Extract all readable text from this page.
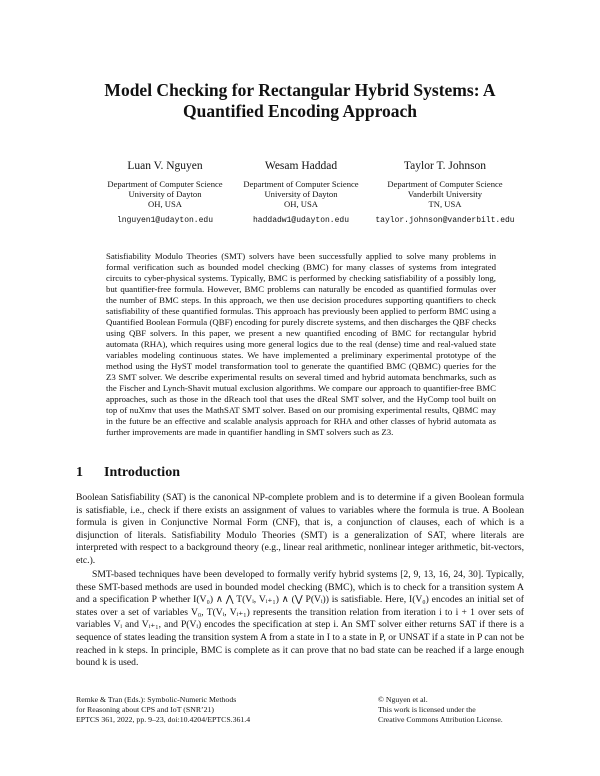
Model Checking for Rectangular Hybrid Systems: A
Quantified Encoding Approach
Luan V. Nguyen
Department of Computer Science
University of Dayton
OH, USA
lnguyen1@udayton.edu
Wesam Haddad
Department of Computer Science
University of Dayton
OH, USA
haddadw1@udayton.edu
Taylor T. Johnson
Department of Computer Science
Vanderbilt University
TN, USA
taylor.johnson@vanderbilt.edu
Satisfiability Modulo Theories (SMT) solvers have been successfully applied to solve many problems in formal verification such as bounded model checking (BMC) for many classes of systems from integrated circuits to cyber-physical systems. Typically, BMC is performed by checking satisfiability of a possibly long, but quantifier-free formula. However, BMC problems can naturally be encoded as quantified formulas over the number of BMC steps. In this approach, we then use decision procedures supporting quantifiers to check satisfiability of these quantified formulas. This approach has previously been applied to perform BMC using a Quantified Boolean Formula (QBF) encoding for purely discrete systems, and then discharges the QBF checks using QBF solvers. In this paper, we present a new quantified encoding of BMC for rectangular hybrid automata (RHA), which requires using more general logics due to the real (dense) time and real-valued state variables modeling continuous states. We have implemented a preliminary experimental prototype of the method using the HyST model transformation tool to generate the quantified BMC (QBMC) queries for the Z3 SMT solver. We describe experimental results on several timed and hybrid automata benchmarks, such as the Fischer and Lynch-Shavit mutual exclusion algorithms. We compare our approach to quantifier-free BMC approaches, such as those in the dReach tool that uses the dReal SMT solver, and the HyComp tool built on top of nuXmv that uses the MathSAT SMT solver. Based on our promising experimental results, QBMC may in the future be an effective and scalable analysis approach for RHA and other classes of hybrid automata as further improvements are made in quantifier handling in SMT solvers such as Z3.
1 Introduction

Boolean Satisfiability (SAT) is the canonical NP-complete problem and is to determine if a given Boolean formula is satisfiable, i.e., check if there exists an assignment of values to variables where the formula is true. A Boolean formula is given in Conjunctive Normal Form (CNF), that is, a conjunction of clauses, each of which is a disjunction of literals. Satisfiability Modulo Theories (SMT) is a generalization of SAT, where literals are interpreted with respect to a background theory (e.g., linear real arithmetic, nonlinear integer arithmetic, bit-vectors, etc.).

SMT-based techniques have been developed to formally verify hybrid systems [2, 9, 13, 16, 24, 30]. Typically, these SMT-based methods are used in bounded model checking (BMC), which is to check for a transition system A and a specification P whether I(V₀) ∧ ⋀ T(Vᵢ, Vᵢ₊₁) ∧ (⋁ P(Vᵢ)) is satisfiable. Here, I(V₀) encodes an initial set of states over a set of variables V₀, T(Vᵢ, Vᵢ₊₁) represents the transition relation from iteration i to i + 1 over sets of variables Vᵢ and Vᵢ₊₁, and P(Vᵢ) encodes the specification at step i. An SMT solver either returns SAT if there is a sequence of states leading the transition system A from a state in I to a state in P, or UNSAT if a state in P can not be reached in k steps. In principle, BMC is complete as it can prove that no bad state can be reached if a large enough bound k is used.

Remke & Tran (Eds.): Symbolic-Numeric Methods
for Reasoning about CPS and IoT (SNR’21)
EPTCS 361, 2022, pp. 9–23, doi:10.4204/EPTCS.361.4
© Nguyen et al.
This work is licensed under the
Creative Commons Attribution License.
